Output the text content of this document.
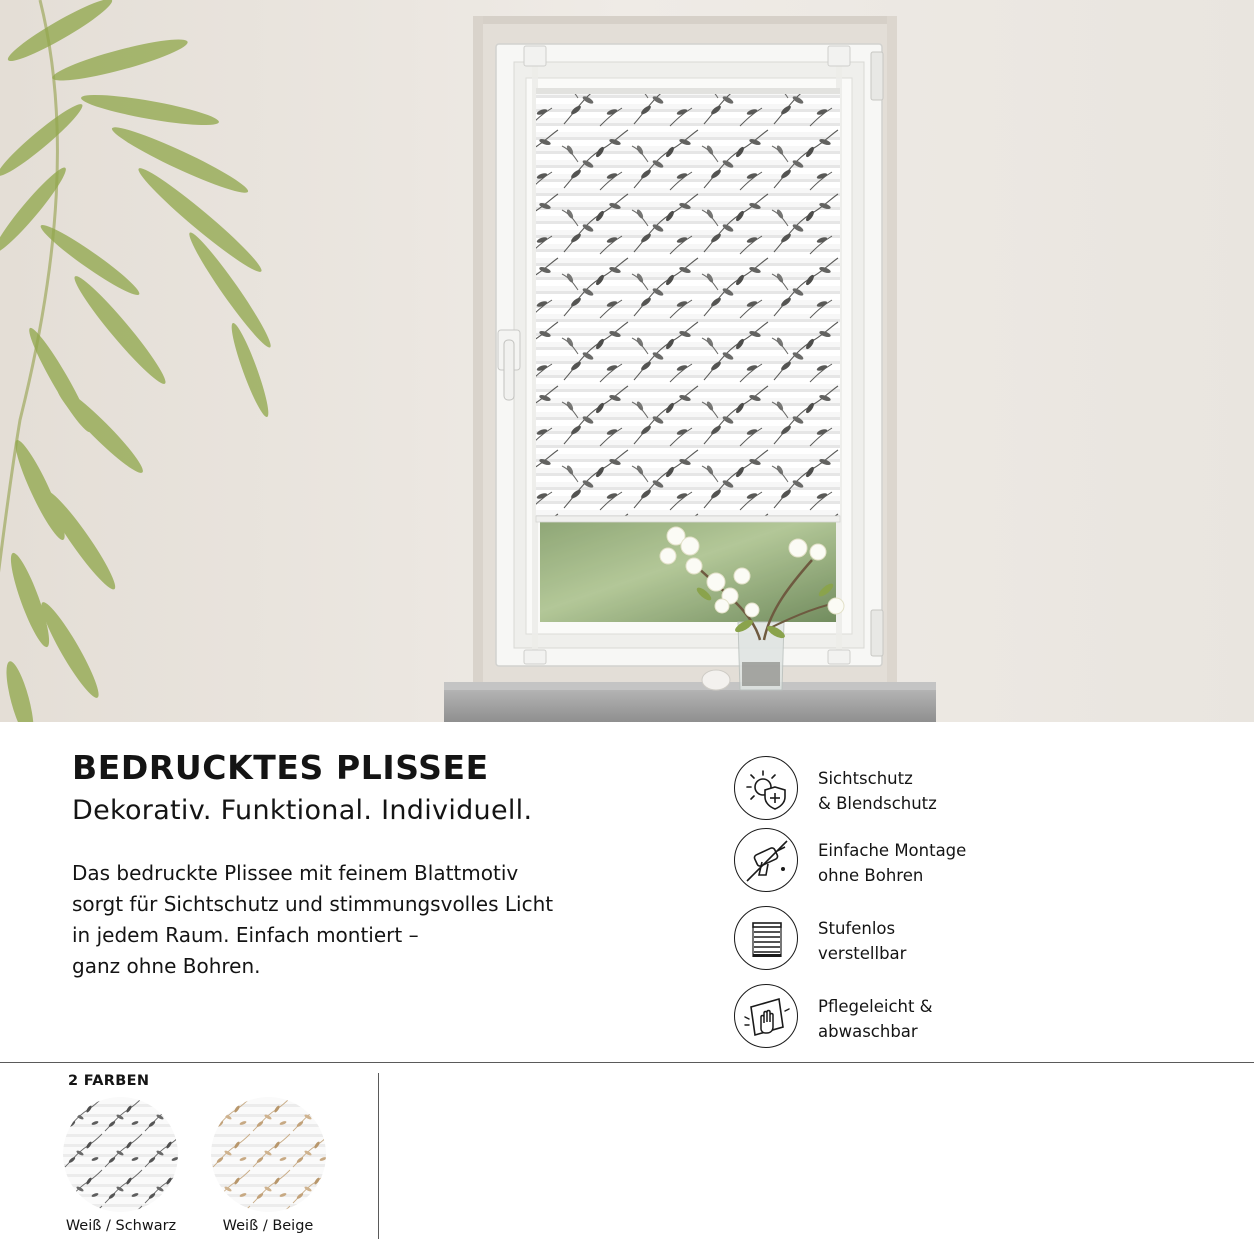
BEDRUCKTES PLISSEE

Dekorativ. Funktional. Individuell.

Das bedruckte Plissee mit feinem Blattmotiv
sorgt für Sichtschutz und stimmungsvolles Licht
in jedem Raum. Einfach montiert –
ganz ohne Bohren.

Sichtschutz
& Blendschutz
Einfache Montage
ohne Bohren
Stufenlos
verstellbar
Pflegeleicht &
abwaschbar
2 FARBEN
Weiß / Schwarz	Weiß / Beige
